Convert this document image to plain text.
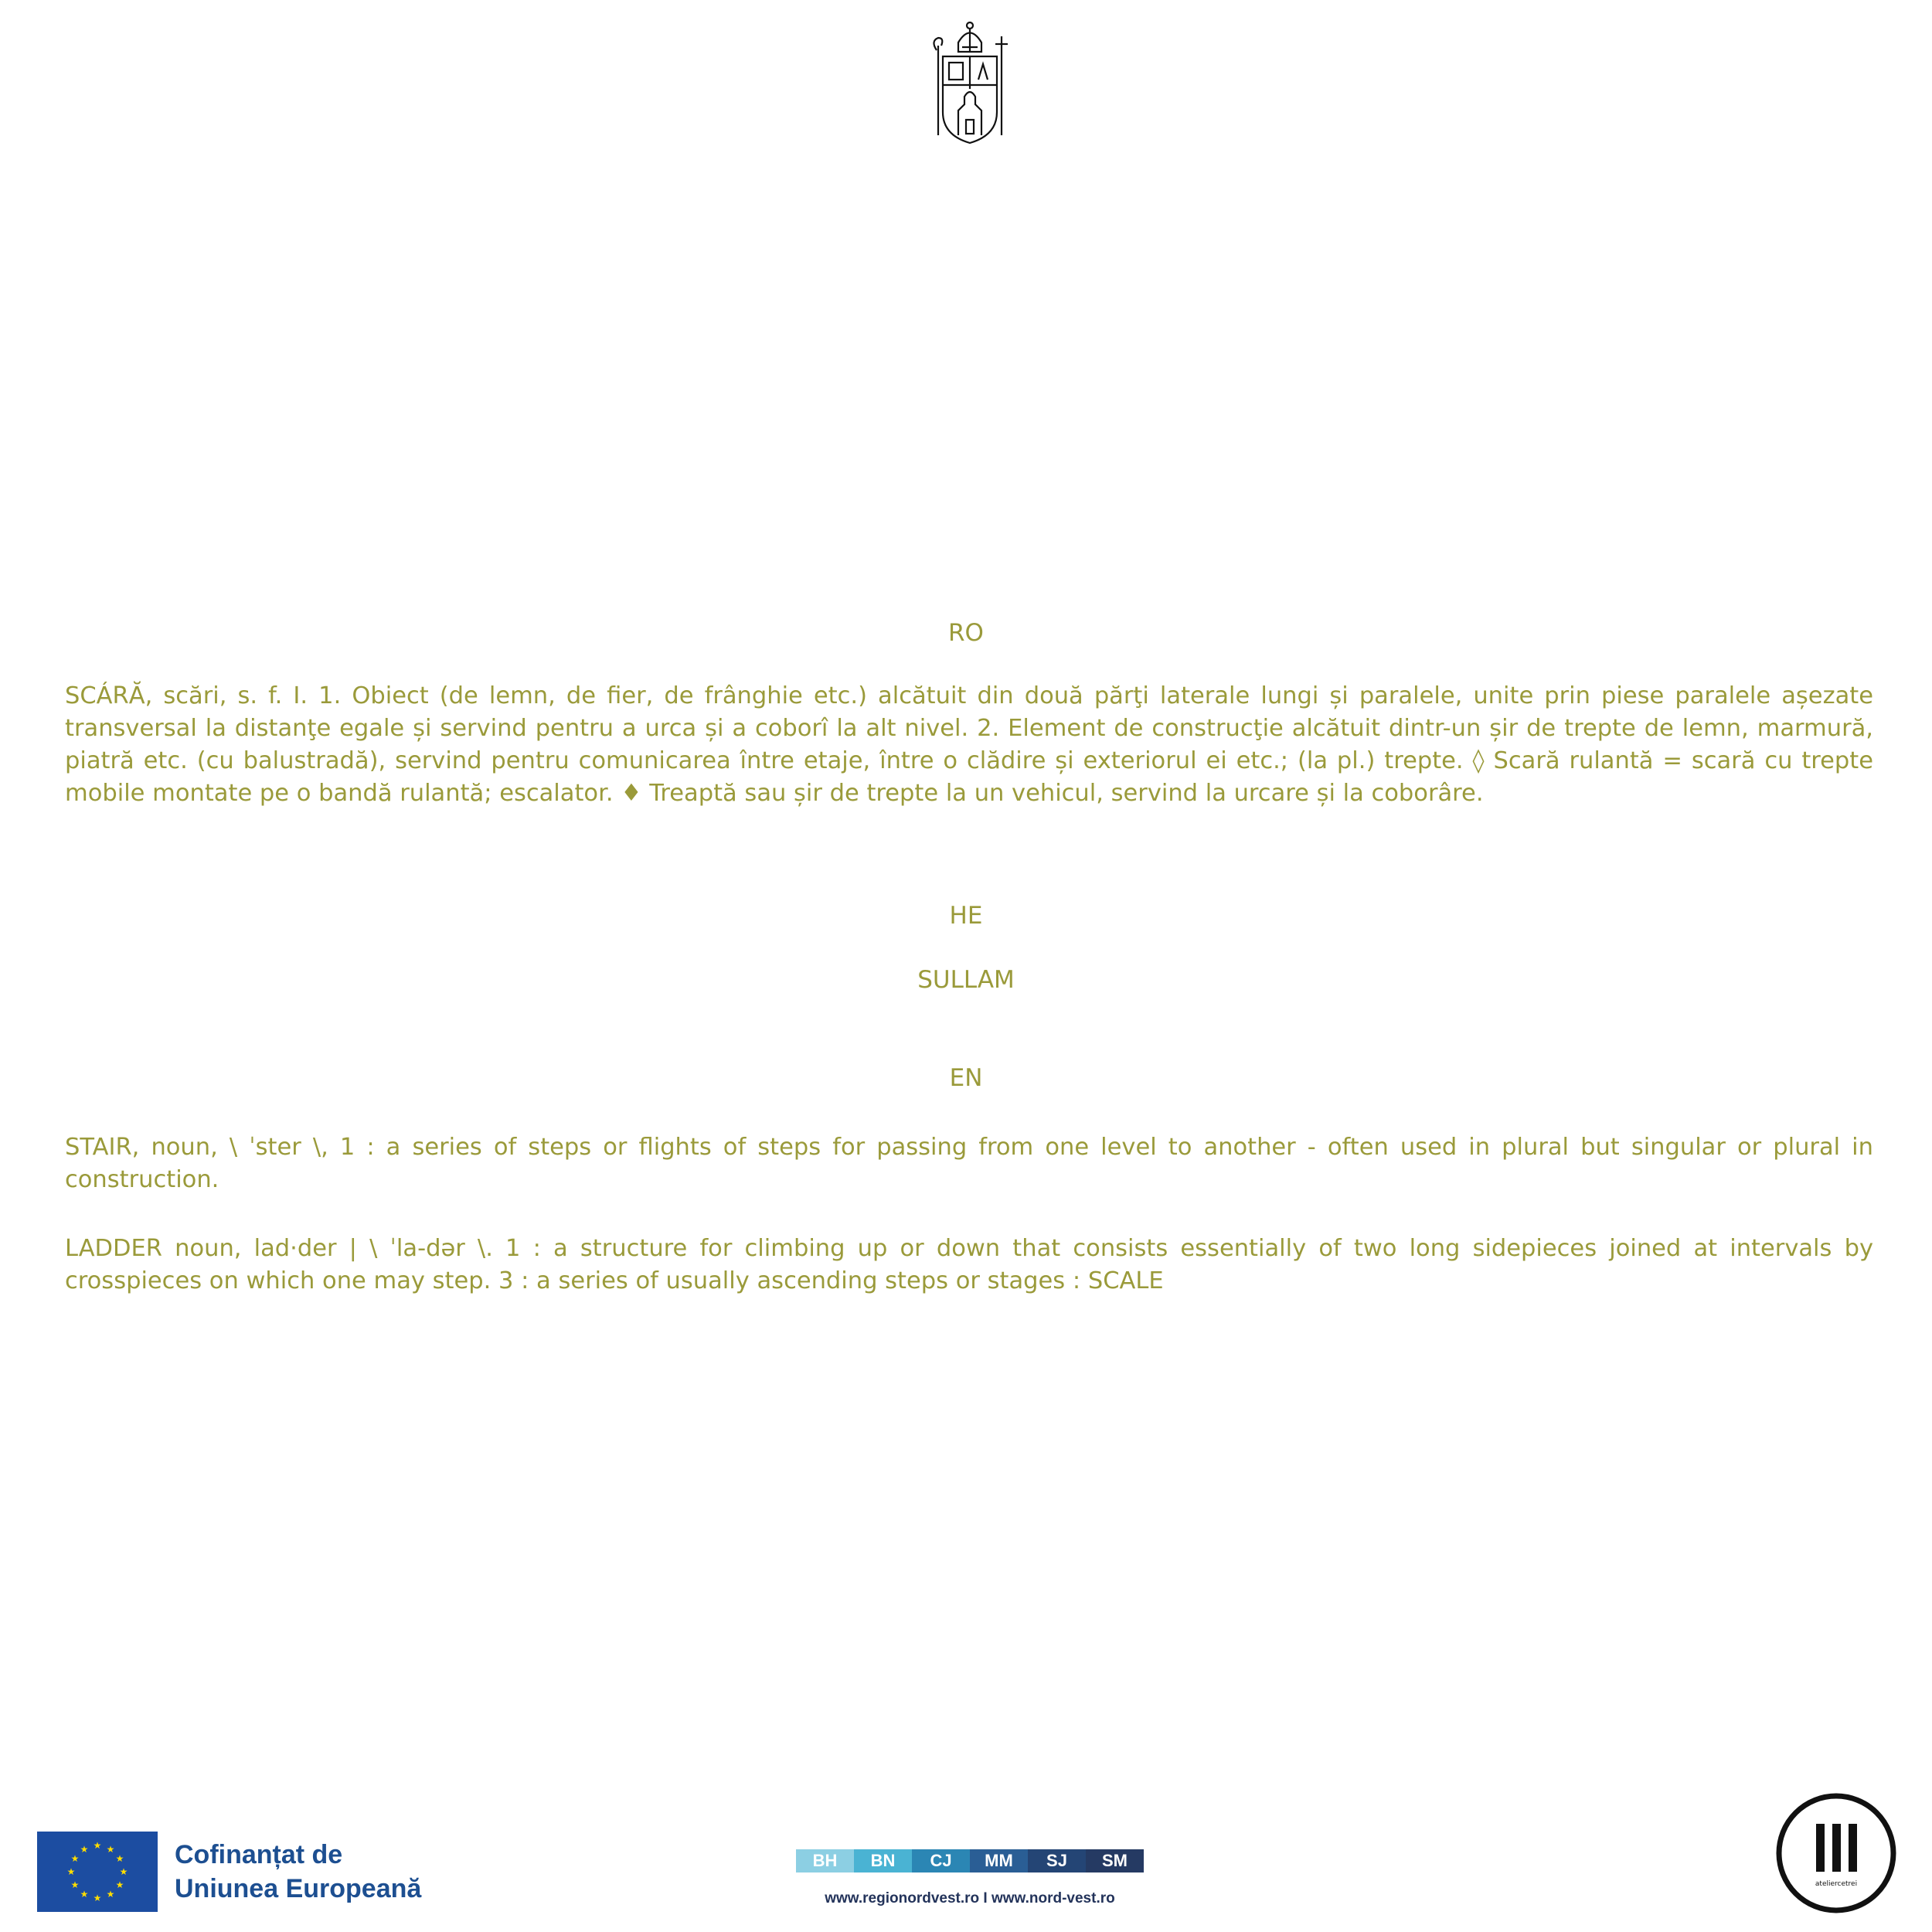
RO
SCÁRĂ, scări, s. f. I. 1. Obiect (de lemn, de fier, de frânghie etc.) alcătuit din două părţi laterale lungi și paralele, unite prin piese paralele așezate transversal la distanţe egale și servind pentru a urca și a coborî la alt nivel. 2. Element de construcţie alcătuit dintr-un șir de trepte de lemn, marmură, piatră etc. (cu balustradă), servind pentru comunicarea între etaje, între o clădire și exteriorul ei etc.; (la pl.) trepte. ◊ Scară rulantă = scară cu trepte mobile montate pe o bandă rulantă; escalator. ♦ Treaptă sau șir de trepte la un vehicul, servind la urcare și la coborâre.
HE
SULLAM
EN
STAIR, noun, \ ˈster \, 1 : a series of steps or flights of steps for passing from one level to another - often used in plural but singular or plural in construction.
LADDER noun, lad·der | \ ˈla-dər \. 1 : a structure for climbing up or down that consists essentially of two long sidepieces joined at intervals by crosspieces on which one may step. 3 : a series of usually ascending steps or stages : SCALE
★ ★
★
★
★
★
★
★
★
★
★
★	Cofinanțat de
Uniunea Europeană
BH	BN	CJ	MM	SJ	SM
www.regionordvest.ro I www.nord-vest.ro
ateliercetrei
